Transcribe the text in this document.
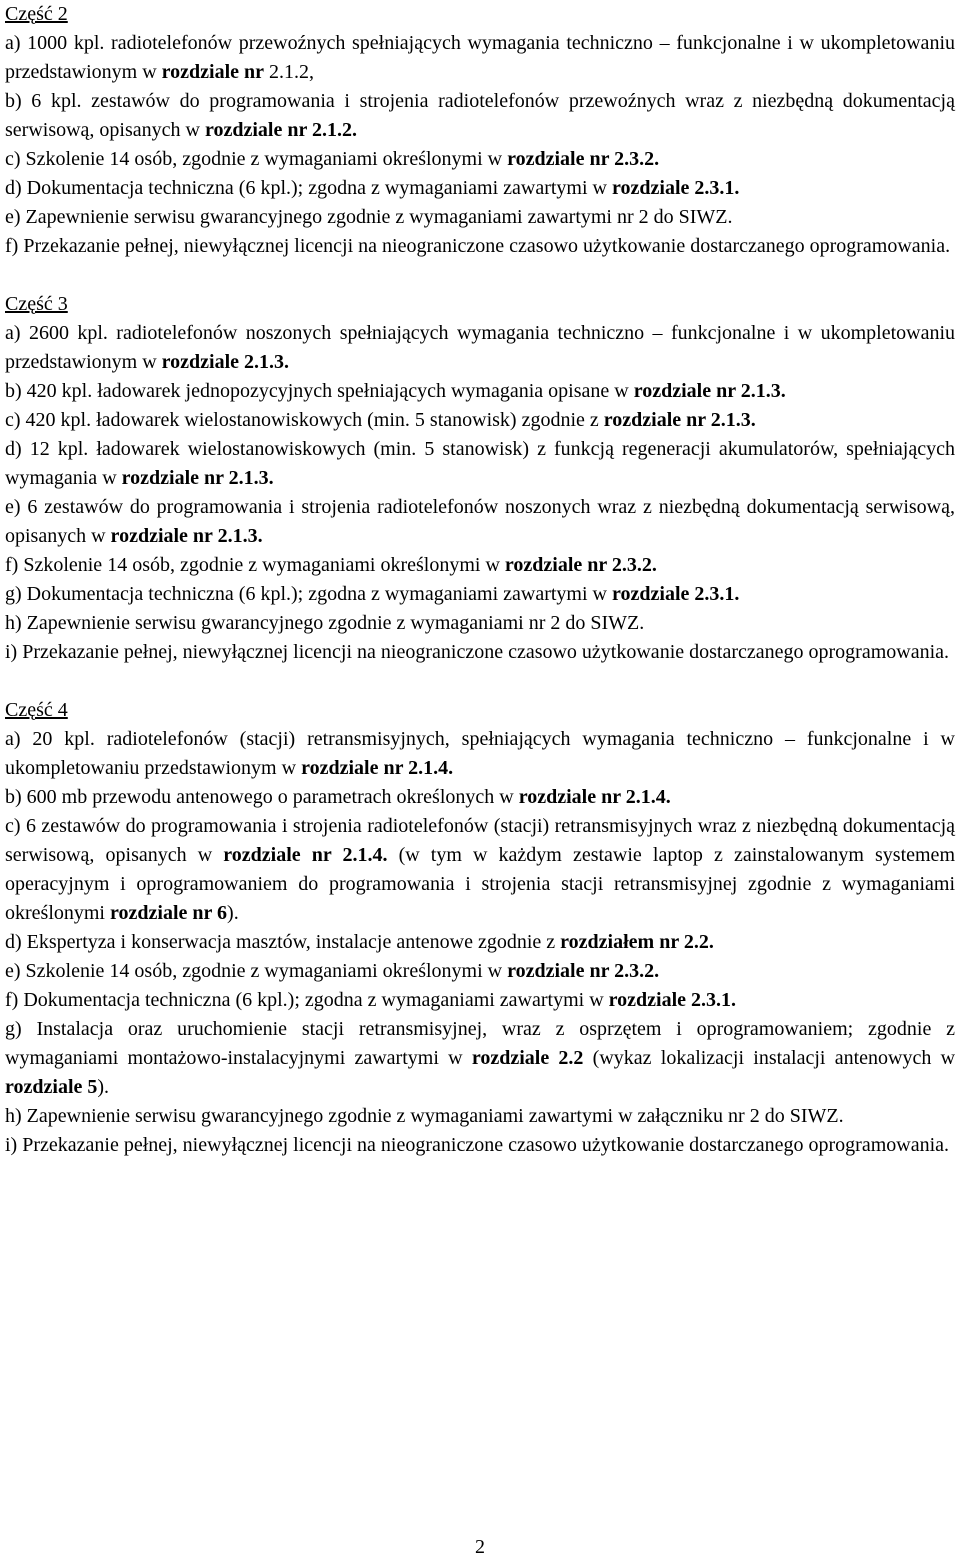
Część 2

a) 1000 kpl. radiotelefonów przewoźnych spełniających wymagania techniczno – funkcjonalne i w ukompletowaniu przedstawionym w rozdziale nr 2.1.2,

b) 6 kpl. zestawów do programowania i strojenia radiotelefonów przewoźnych wraz z niezbędną dokumentacją serwisową, opisanych w rozdziale nr 2.1.2.

c) Szkolenie 14 osób, zgodnie z wymaganiami określonymi w rozdziale nr 2.3.2.

d) Dokumentacja techniczna (6 kpl.); zgodna z wymaganiami zawartymi w rozdziale 2.3.1.

e) Zapewnienie serwisu gwarancyjnego zgodnie z wymaganiami zawartymi nr 2 do SIWZ.

f) Przekazanie pełnej, niewyłącznej licencji na nieograniczone czasowo użytkowanie dostarczanego oprogramowania.

Część 3

a) 2600 kpl. radiotelefonów noszonych spełniających wymagania techniczno – funkcjonalne i w ukompletowaniu przedstawionym w rozdziale 2.1.3.

b) 420 kpl. ładowarek jednopozycyjnych spełniających wymagania opisane w rozdziale nr 2.1.3.

c) 420 kpl. ładowarek wielostanowiskowych (min. 5 stanowisk) zgodnie z rozdziale nr 2.1.3.

d) 12 kpl. ładowarek wielostanowiskowych (min. 5 stanowisk) z funkcją regeneracji akumulatorów, spełniających wymagania w rozdziale nr 2.1.3.

e) 6 zestawów do programowania i strojenia radiotelefonów noszonych wraz z niezbędną dokumentacją serwisową, opisanych w rozdziale nr 2.1.3.

f) Szkolenie 14 osób, zgodnie z wymaganiami określonymi w rozdziale nr 2.3.2.

g) Dokumentacja techniczna (6 kpl.); zgodna z wymaganiami zawartymi w rozdziale 2.3.1.

h) Zapewnienie serwisu gwarancyjnego zgodnie z wymaganiami nr 2 do SIWZ.

i) Przekazanie pełnej, niewyłącznej licencji na nieograniczone czasowo użytkowanie dostarczanego oprogramowania.

Część 4

a) 20 kpl. radiotelefonów (stacji) retransmisyjnych, spełniających wymagania techniczno – funkcjonalne i w ukompletowaniu przedstawionym w rozdziale nr 2.1.4.

b) 600 mb przewodu antenowego o parametrach określonych w rozdziale nr 2.1.4.

c) 6 zestawów do programowania i strojenia radiotelefonów (stacji) retransmisyjnych wraz z niezbędną dokumentacją serwisową, opisanych w rozdziale nr 2.1.4. (w tym w każdym zestawie laptop z zainstalowanym systemem operacyjnym i oprogramowaniem do programowania i strojenia stacji retransmisyjnej zgodnie z wymaganiami określonymi rozdziale nr 6).

d) Ekspertyza i konserwacja masztów, instalacje antenowe zgodnie z rozdziałem nr 2.2.

e) Szkolenie 14 osób, zgodnie z wymaganiami określonymi w rozdziale nr 2.3.2.

f) Dokumentacja techniczna (6 kpl.); zgodna z wymaganiami zawartymi w rozdziale 2.3.1.

g) Instalacja oraz uruchomienie stacji retransmisyjnej, wraz z osprzętem i oprogramowaniem; zgodnie z wymaganiami montażowo-instalacyjnymi zawartymi w rozdziale 2.2 (wykaz lokalizacji instalacji antenowych w rozdziale 5).

h) Zapewnienie serwisu gwarancyjnego zgodnie z wymaganiami zawartymi w załączniku nr 2 do SIWZ.

i) Przekazanie pełnej, niewyłącznej licencji na nieograniczone czasowo użytkowanie dostarczanego oprogramowania.

2
